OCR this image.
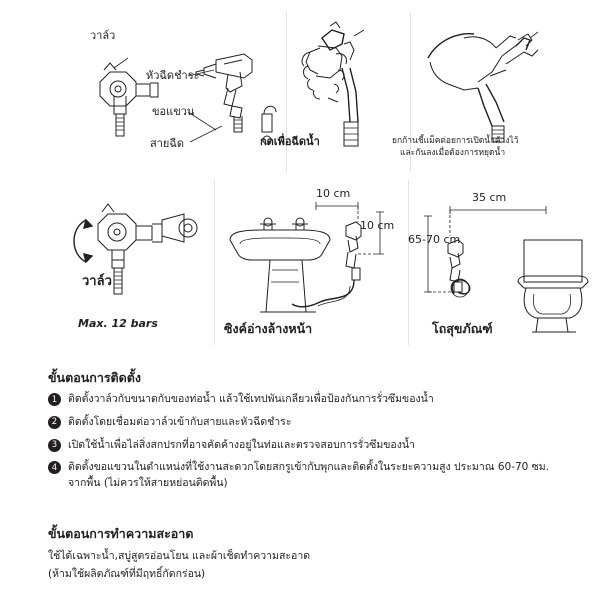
วาล์ว
หัวฉีดชำระ
ขอแขวน
สายฉีด	กดเพื่อฉีดน้ำ	ยกก้านชี้แม็คต่อยการเปิดน้ำค้างไว้
และกันลงเมื่อต้องการหยุดน้ำ
วาล์ว
Max. 12 bars
10 cm
10 cm
ซิงค์อ่างล้างหน้า
35 cm
65-70 cm
โถสุขภัณฑ์
ขั้นตอนการติดตั้ง
1	ติดตั้งวาล์วกับขนาดกับของท่อน้ำ แล้วใช้เทปพันเกลียวเพื่อป้องกันการรั่วซึมของน้ำ
2	ติดตั้งโดยเชื่อมต่อวาล์วเข้ากับสายและหัวฉีดชำระ
3	เปิดใช้น้ำเพื่อไล่สิ่งสกปรกที่อาจคัดค้างอยู่ในท่อและตรวจสอบการรั่วซึมของน้ำ
4	ติดตั้งขอแขวนในตำแหน่งที่ใช้งานสะดวกโดยสกรูเข้ากับพุกและติดตั้งในระยะความสูง ประมาณ 60-70 ซม. จากพื้น (ไม่ควรให้สายหย่อนติดพื้น)
ขั้นตอนการทำความสะอาด
ใช้ได้เฉพาะน้ำ,สบู่สูตรอ่อนโยน และผ้าเช็ดทำความสะอาด
(ห้ามใช้ผลิตภัณฑ์ที่มีฤทธิ์กัดกร่อน)
